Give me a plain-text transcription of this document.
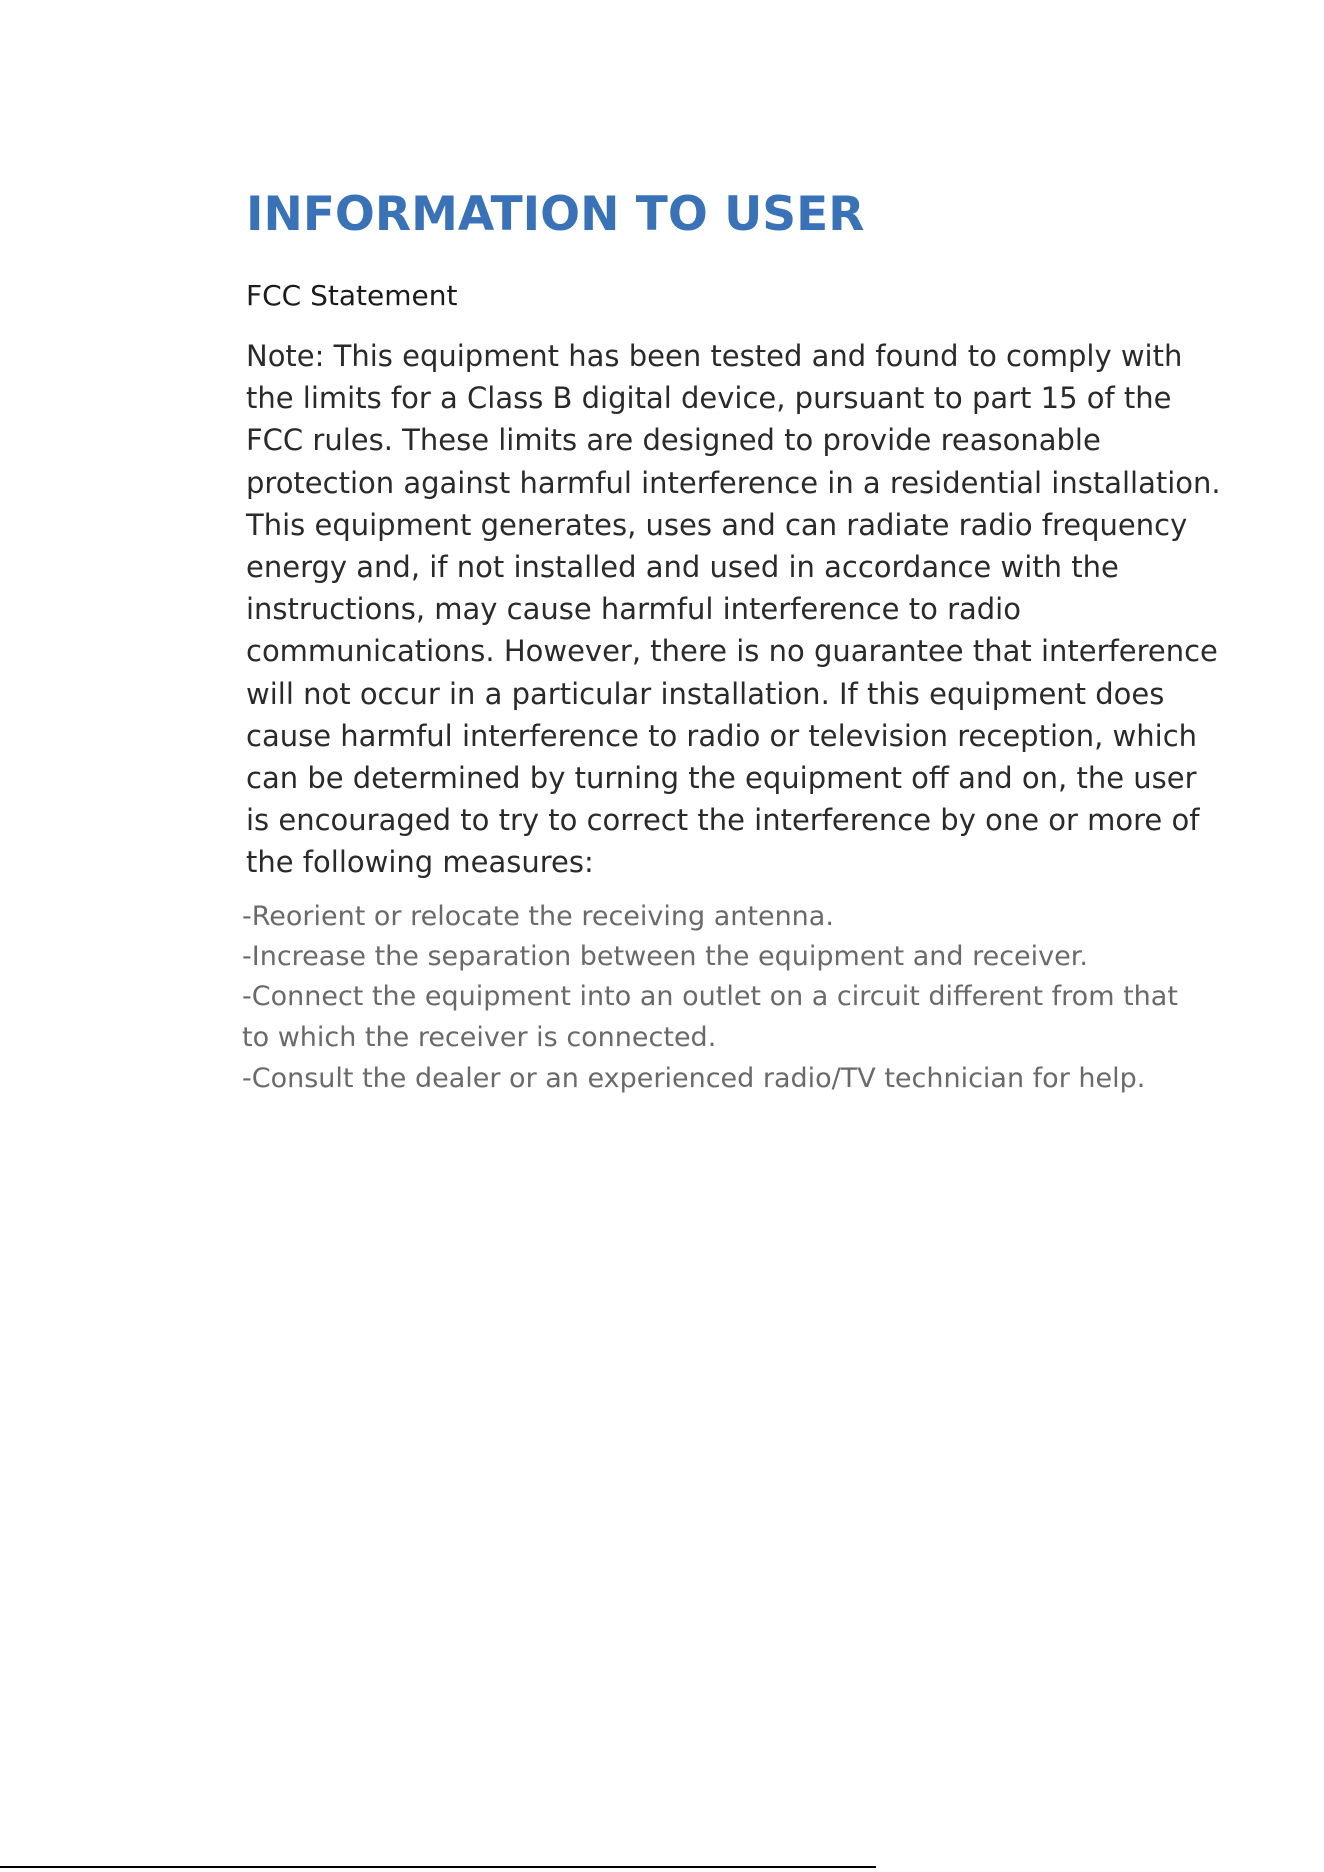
INFORMATION TO USER
FCC Statement

Note: This equipment has been tested and found to comply with
the limits for a Class B digital device, pursuant to part 15 of the
FCC rules. These limits are designed to provide reasonable
protection against harmful interference in a residential installation.
This equipment generates, uses and can radiate radio frequency
energy and, if not installed and used in accordance with the
instructions, may cause harmful interference to radio
communications. However, there is no guarantee that interference
will not occur in a particular installation. If this equipment does
cause harmful interference to radio or television reception, which
can be determined by turning the equipment off and on, the user
is encouraged to try to correct the interference by one or more of
the following measures:

-Reorient or relocate the receiving antenna.
-Increase the separation between the equipment and receiver.
-Connect the equipment into an outlet on a circuit different from that
to which the receiver is connected.
-Consult the dealer or an experienced radio/TV technician for help.
